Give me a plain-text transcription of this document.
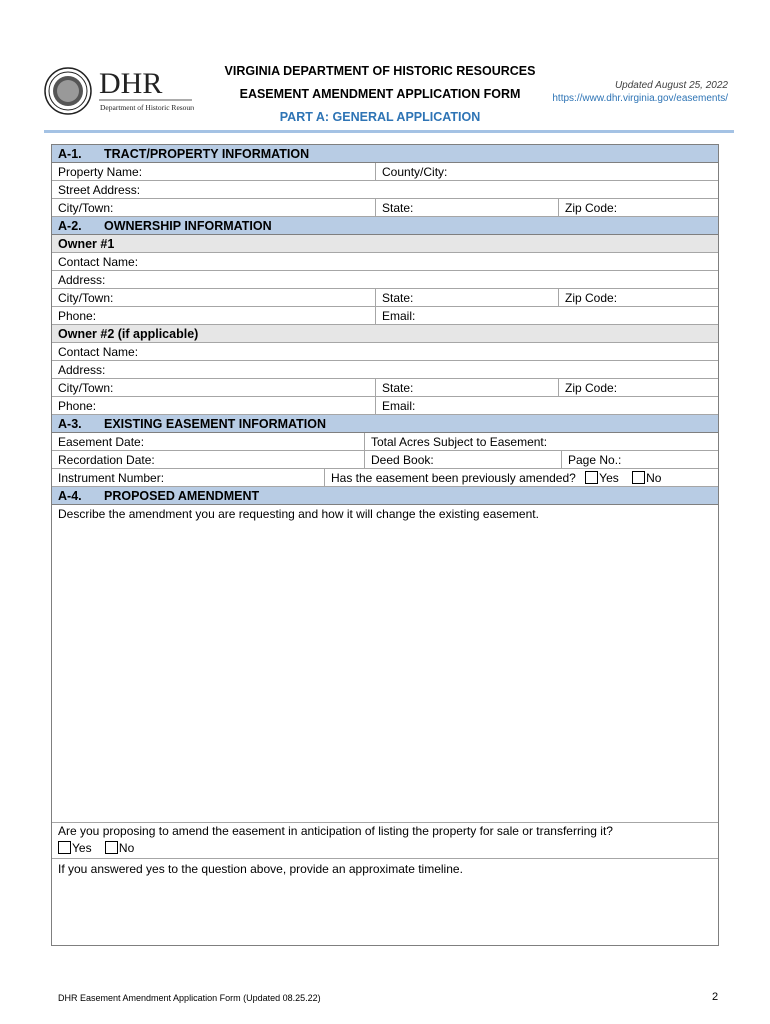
DHR
Department of Historic Resources
VIRGINIA DEPARTMENT OF HISTORIC RESOURCES
EASEMENT AMENDMENT APPLICATION FORM
PART A: GENERAL APPLICATION
Updated August 25, 2022
https://www.dhr.virginia.gov/easements/
A-1. TRACT/PROPERTY INFORMATION
Property Name:	County/City:
Street Address:
City/Town:	State:	Zip Code:
A-2. OWNERSHIP INFORMATION
Owner #1
Contact Name:
Address:
City/Town:	State:	Zip Code:
Phone:	Email:
Owner #2 (if applicable)
Contact Name:
Address:
City/Town:	State:	Zip Code:
Phone:	Email:
A-3. EXISTING EASEMENT INFORMATION
Easement Date:	Total Acres Subject to Easement:
Recordation Date:	Deed Book:	Page No.:
Instrument Number:	Has the easement been previously amended? Yes No
A-4. PROPOSED AMENDMENT
Describe the amendment you are requesting and how it will change the existing easement.
Are you proposing to amend the easement in anticipation of listing the property for sale or transferring it?
Yes No
If you answered yes to the question above, provide an approximate timeline.
DHR Easement Amendment Application Form (Updated 08.25.22)	2
